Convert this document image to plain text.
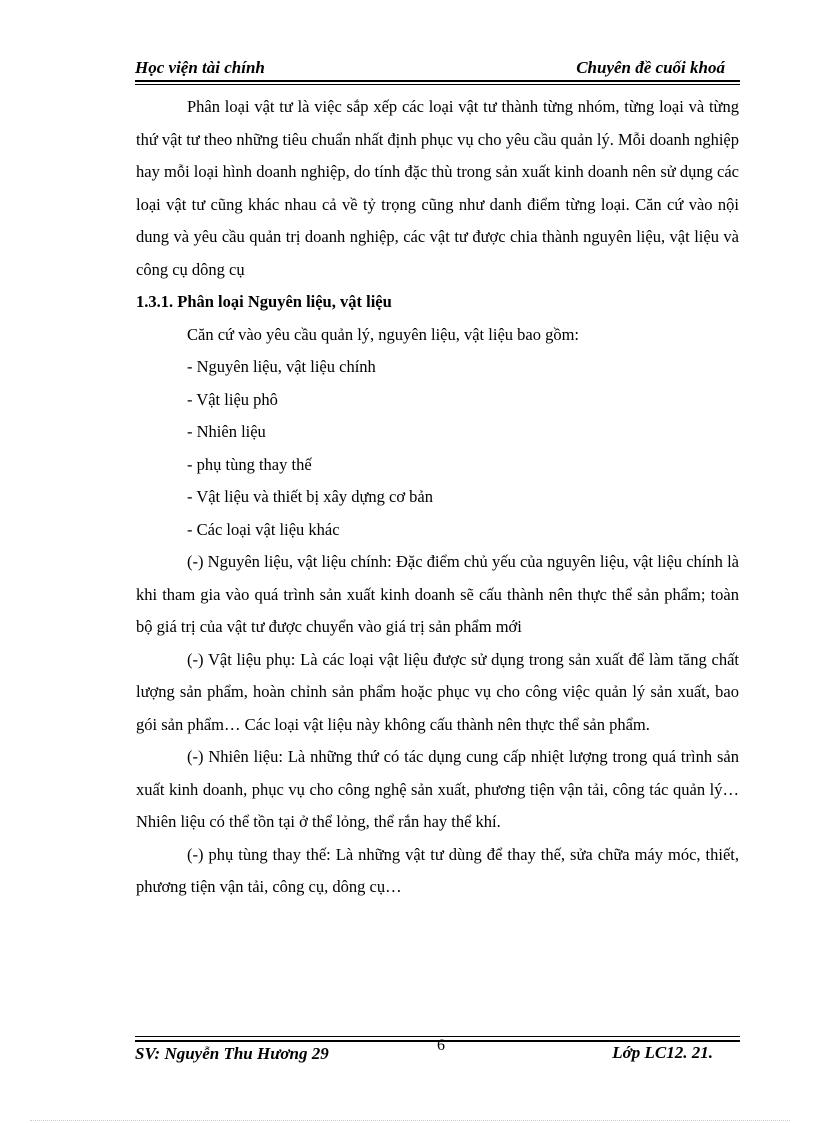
Học viện tài chính	Chuyên đề cuối khoá

Phân loại vật tư là việc sắp xếp các loại vật tư thành từng nhóm, từng loại và từng thứ vật tư theo những tiêu chuẩn nhất định phục vụ cho yêu cầu quản lý. Mỗi doanh nghiệp hay mỗi loại hình doanh nghiệp, do tính đặc thù trong sản xuất kinh doanh nên sử dụng các loại vật tư cũng khác nhau cả về tỷ trọng cũng như danh điểm từng loại. Căn cứ vào nội dung và yêu cầu quản trị doanh nghiệp, các vật tư được chia thành nguyên liệu, vật liệu và công cụ dông cụ

1.3.1. Phân loại Nguyên liệu, vật liệu

Căn cứ vào yêu cầu quản lý, nguyên liệu, vật liệu bao gồm:

- Nguyên liệu, vật liệu chính

- Vật liệu phô

- Nhiên liệu

- phụ tùng thay thế

- Vật liệu và thiết bị xây dựng cơ bản

- Các loại vật liệu khác

(-) Nguyên liệu, vật liệu chính: Đặc điểm chủ yếu của nguyên liệu, vật liệu chính là khi tham gia vào quá trình sản xuất kinh doanh sẽ cấu thành nên thực thể sản phẩm; toàn bộ giá trị của vật tư được chuyển vào giá trị sản phẩm mới

(-) Vật liệu phụ: Là các loại vật liệu được sử dụng trong sản xuất để làm tăng chất lượng sản phẩm, hoàn chỉnh sản phẩm hoặc phục vụ cho công việc quản lý sản xuất, bao gói sản phẩm… Các loại vật liệu này không cấu thành nên thực thể sản phẩm.

(-) Nhiên liệu: Là những thứ có tác dụng cung cấp nhiệt lượng trong quá trình sản xuất kinh doanh, phục vụ cho công nghệ sản xuất, phương tiện vận tải, công tác quản lý… Nhiên liệu có thể tồn tại ở thể lỏng, thể rắn hay thể khí.

(-) phụ tùng thay thế: Là những vật tư dùng để thay thế, sửa chữa máy móc, thiết, phương tiện vận tải, công cụ, dông cụ…

SV: Nguyễn Thu Hương 29	6	Lớp LC12. 21.
